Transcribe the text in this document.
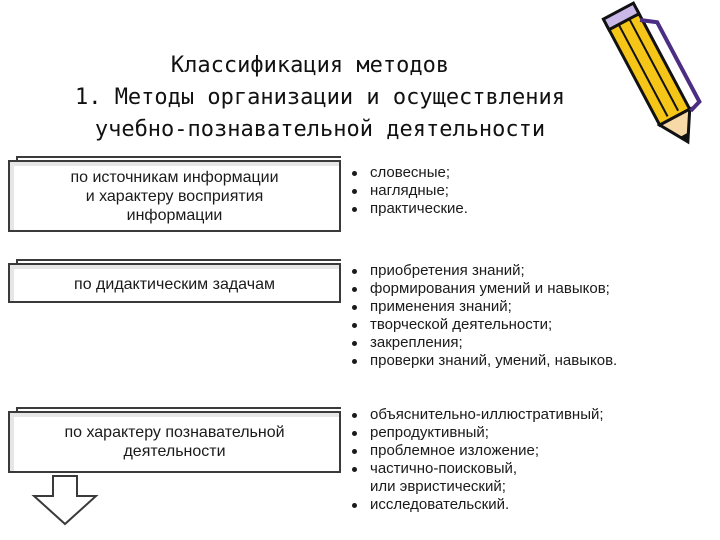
Классификация методов
1. Методы организации и осуществления
учебно-познавательной деятельности
по источникам информации
и характеру восприятия
информации
словесные;
наглядные;
практические.
по дидактическим задачам
приобретения знаний;
формирования умений и навыков;
применения знаний;
творческой деятельности;
закрепления;
проверки знаний, умений, навыков.
по характеру познавательной
деятельности
объяснительно-иллюстративный;
репродуктивный;
проблемное изложение;
частично-поисковый,
или эвристический;
исследовательский.
